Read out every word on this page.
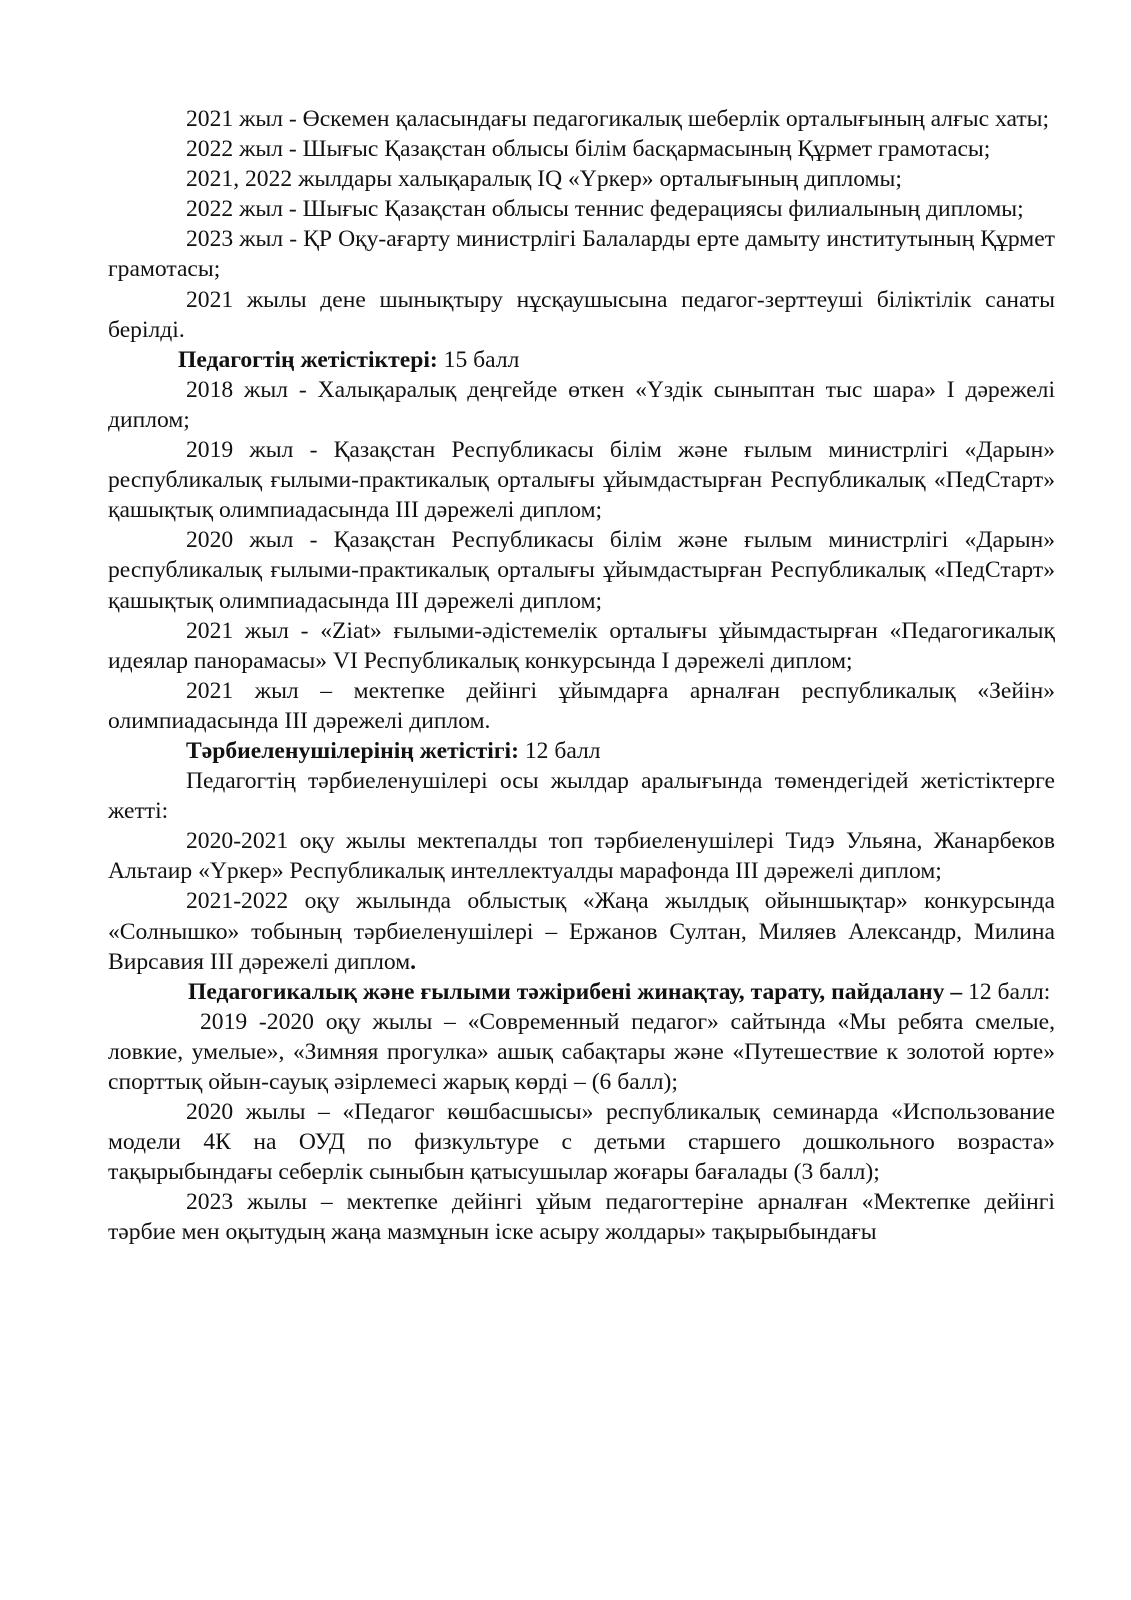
2021 жыл - Өскемен қаласындағы педагогикалық шеберлік орталығының алғыс хаты;

2022 жыл - Шығыс Қазақстан облысы білім басқармасының Құрмет грамотасы;

2021, 2022 жылдары халықаралық IQ «Үркер» орталығының дипломы;

2022 жыл - Шығыс Қазақстан облысы теннис федерациясы филиалының дипломы;

2023 жыл - ҚР Оқу-ағарту министрлігі Балаларды ерте дамыту институтының Құрмет грамотасы;

2021 жылы дене шынықтыру нұсқаушысына педагог-зерттеуші біліктілік санаты берілді.

Педагогтің жетістіктері: 15 балл

2018 жыл - Халықаралық деңгейде өткен «Үздік сыныптан тыс шара» I дәрежелі диплом;

2019 жыл - Қазақстан Республикасы білім және ғылым министрлігі «Дарын» республикалық ғылыми-практикалық орталығы ұйымдастырған Республикалық «ПедСтарт» қашықтық олимпиадасында III дәрежелі диплом;

2020 жыл - Қазақстан Республикасы білім және ғылым министрлігі «Дарын» республикалық ғылыми-практикалық орталығы ұйымдастырған Республикалық «ПедСтарт» қашықтық олимпиадасында III дәрежелі диплом;

2021 жыл - «Ziat» ғылыми-әдістемелік орталығы ұйымдастырған «Педагогикалық идеялар панорамасы» VI Республикалық конкурсында I дәрежелі диплом;

2021 жыл – мектепке дейінгі ұйымдарға арналған республикалық «Зейін» олимпиадасында III дәрежелі диплом.

Тәрбиеленушілерінің жетістігі: 12 балл

Педагогтің тәрбиеленушілері осы жылдар аралығында төмендегідей жетістіктерге жетті:

2020-2021 оқу жылы мектепалды топ тәрбиеленушілері Тидэ Ульяна, Жанарбеков Альтаир «Үркер» Республикалық интеллектуалды марафонда III дәрежелі диплом;

2021-2022 оқу жылында облыстық «Жаңа жылдық ойыншықтар» конкурсында «Солнышко» тобының тәрбиеленушілері – Ержанов Султан, Миляев Александр, Милина Вирсавия III дәрежелі диплом.

Педагогикалық және ғылыми тәжірибені жинақтау, тарату, пайдалану – 12 балл:

2019 -2020 оқу жылы – «Современный педагог» сайтында «Мы ребята смелые, ловкие, умелые», «Зимняя прогулка» ашық сабақтары және «Путешествие к золотой юрте» спорттық ойын-сауық әзірлемесі жарық көрді – (6 балл);

2020 жылы – «Педагог көшбасшысы» республикалық семинарда «Использование модели 4К на ОУД по физкультуре с детьми старшего дошкольного возраста» тақырыбындағы себерлік сыныбын қатысушылар жоғары бағалады (3 балл);

2023 жылы – мектепке дейінгі ұйым педагогтеріне арналған «Мектепке дейінгі тәрбие мен оқытудың жаңа мазмұнын іске асыру жолдары» тақырыбындағы
